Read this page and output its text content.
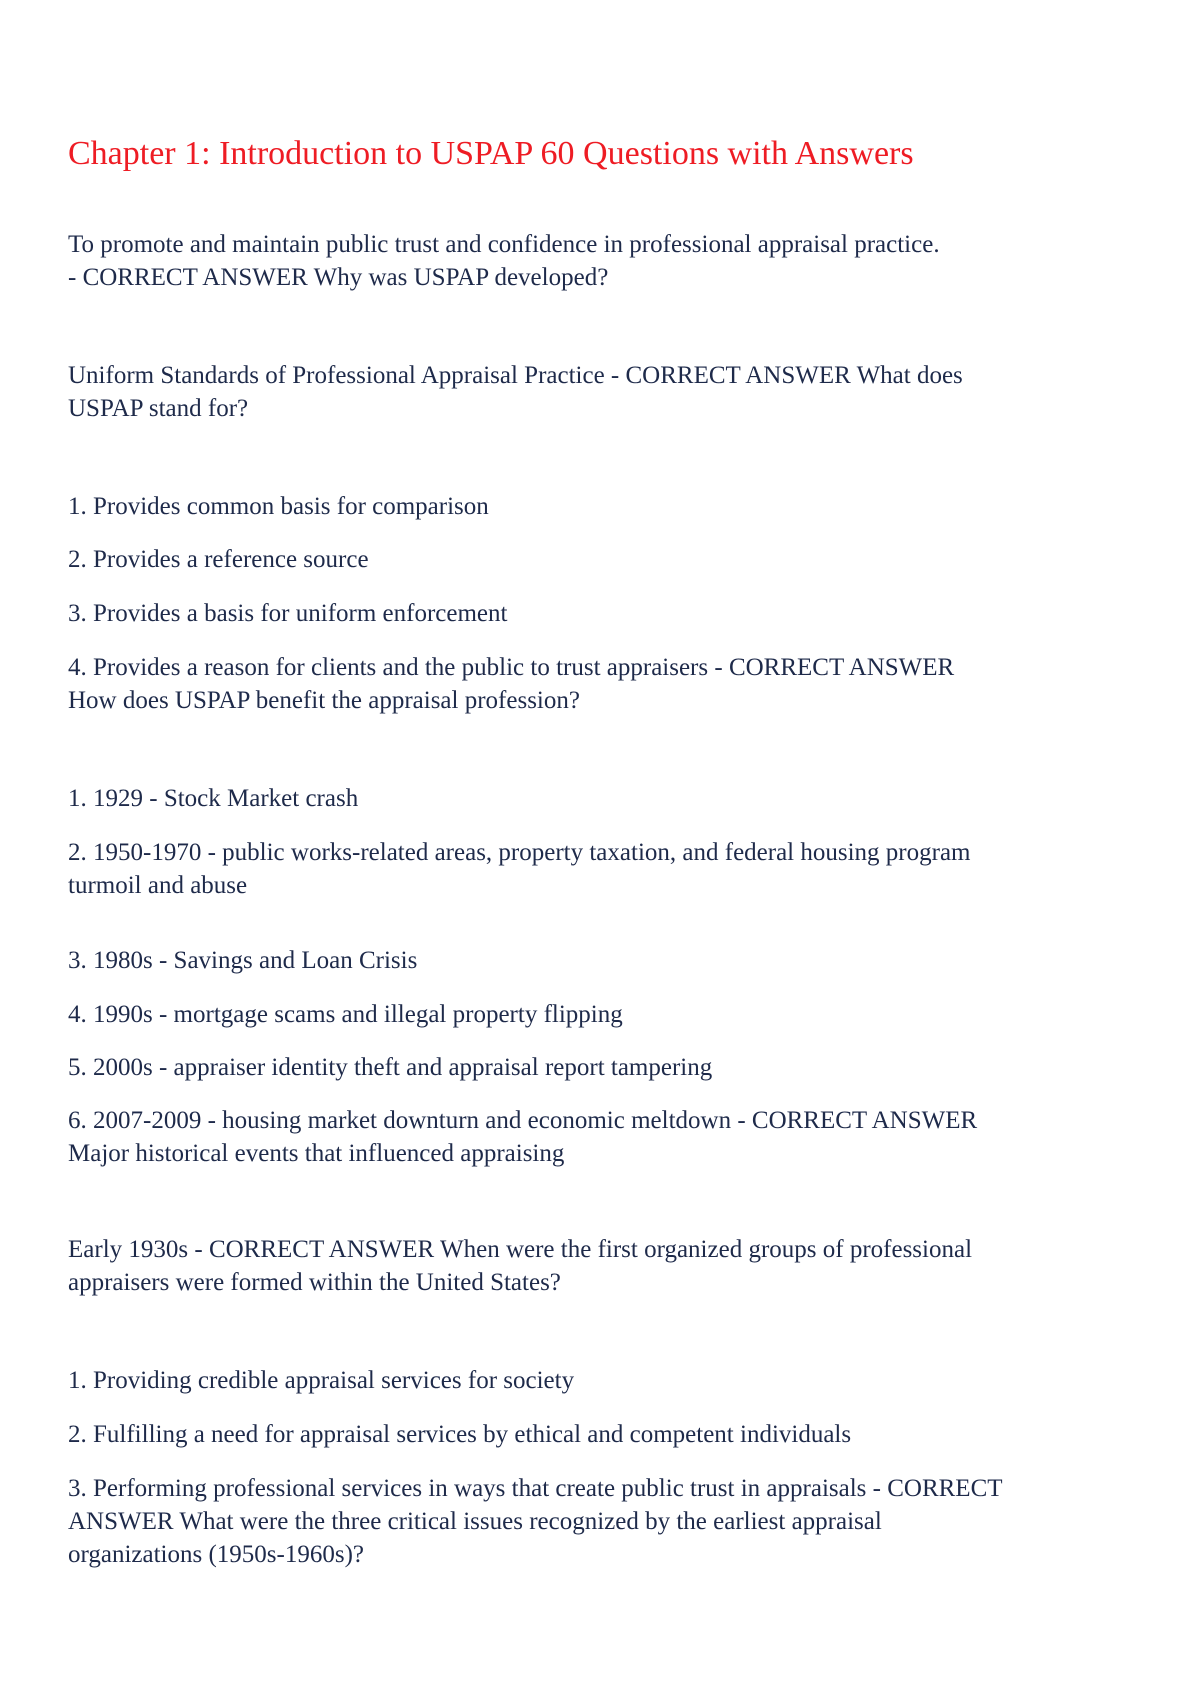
Chapter 1: Introduction to USPAP 60 Questions with Answers

To promote and maintain public trust and confidence in professional appraisal practice.
- CORRECT ANSWER Why was USPAP developed?

Uniform Standards of Professional Appraisal Practice - CORRECT ANSWER What does
USPAP stand for?

1. Provides common basis for comparison

2. Provides a reference source

3. Provides a basis for uniform enforcement

4. Provides a reason for clients and the public to trust appraisers - CORRECT ANSWER
How does USPAP benefit the appraisal profession?

1. 1929 - Stock Market crash

2. 1950-1970 - public works-related areas, property taxation, and federal housing program
turmoil and abuse

3. 1980s - Savings and Loan Crisis

4. 1990s - mortgage scams and illegal property flipping

5. 2000s - appraiser identity theft and appraisal report tampering

6. 2007-2009 - housing market downturn and economic meltdown - CORRECT ANSWER
Major historical events that influenced appraising

Early 1930s - CORRECT ANSWER When were the first organized groups of professional
appraisers were formed within the United States?

1. Providing credible appraisal services for society

2. Fulfilling a need for appraisal services by ethical and competent individuals

3. Performing professional services in ways that create public trust in appraisals - CORRECT
ANSWER What were the three critical issues recognized by the earliest appraisal
organizations (1950s-1960s)?
